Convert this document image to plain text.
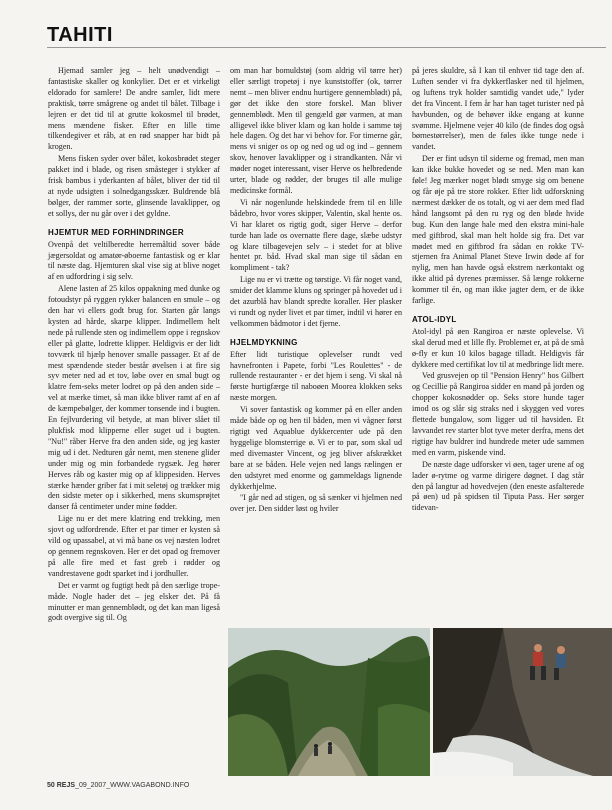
TAHITI

Hjemad samler jeg – helt unødvendigt – fantastiske skaller og konkylier. Det er et virkeligt eldorado for samlere! De andre samler, lidt mere praktisk, tørre smågrene og andet til bålet. Tilbage i lejren er det tid til at grutte kokosmel til brødet, mens mændene fisker. Efter en lille time tilkendegiver et råb, at en rød snapper har bidt på krogen.

Mens fisken syder over bålet, kokosbrødet steger pakket ind i blade, og risen småsteger i stykker af frisk bambus i yderkanten af bålet, bliver der tid til at nyde udsigten i solnedgangsskær. Buldrende blå bølger, der rammer sorte, glinsende lavaklipper, og et sollys, der nu går over i det gyldne.

HJEMTUR MED FORHINDRINGER

Ovenpå det veltilberedte herremåltid sover både jægersoldat og amatør-øboerne fantastisk og er klar til næste dag. Hjemturen skal vise sig at blive noget af en udfordring i sig selv.

Alene lasten af 25 kilos oppakning med dunke og fotoudstyr på ryggen rykker balancen en smule – og den har vi ellers godt brug for. Starten går langs kysten ad hårde, skarpe klipper. Indimellem helt nede på rullende sten og indimellem oppe i regnskov eller på glatte, lodrette klipper. Heldigvis er der lidt tovværk til hjælp henover smalle passager. Et af de mest spændende steder består øvelsen i at fire sig syv meter ned ad et tov, løbe over en smal bugt og klatre fem-seks meter lodret op på den anden side – vel at mærke timet, så man ikke bliver ramt af en af de kæmpebølger, der kommer tonsende ind i bugten. En fejlvurdering vil betyde, at man bliver slået til plukfisk mod klipperne eller suget ud i bugten. "Nu!" råber Herve fra den anden side, og jeg kaster mig ud i det. Nedturen går nemt, men stenene glider under mig og min forbandede rygsæk. Jeg hører Herves råb og kaster mig op af klippesiden. Herves stærke hænder griber fat i mit seletøj og trækker mig den sidste meter op i sikkerhed, mens skumsprøjtet danser få centimeter under mine fødder.

Lige nu er det mere klatring end trekking, men sjovt og udfordrende. Efter et par timer er kysten så vild og upassabel, at vi må bane os vej næsten lodret op gennem regnskoven. Her er det opad og fremover på alle fire med et fast greb i rødder og vandrestavene godt sparket ind i jordhuller.

Det er varmt og fugtigt hedt på den særlige trope-måde. Nogle hader det – jeg elsker det. På få minutter er man gennemblødt, og det kan man ligeså godt overgive sig til. Og

om man har bomuldstøj (som aldrig vil tørre her) eller særligt tropetøj i nye kunststoffer (ok, tørrer nemt – men bliver endnu hurtigere gennemblødt) på, gør det ikke den store forskel. Man bliver gennemblødt. Men til gengæld gør varmen, at man alligevel ikke bliver klam og kan holde i samme tøj hele dagen. Og det har vi behov for. For timerne går, mens vi sniger os op og ned og ud og ind – gennem skov, henover lavaklipper og i strandkanten. Når vi møder noget interessant, viser Herve os helbredende urter, blade og rødder, der bruges til alle mulige medicinske formål.

Vi når nogenlunde helskindede frem til en lille bådebro, hvor vores skipper, Valentin, skal hente os. Vi har klaret os rigtig godt, siger Herve – derfor turde han lade os overnatte flere dage, slæbe udstyr og klare tilbagevejen selv – i stedet for at blive hentet pr. båd. Hvad skal man sige til sådan en kompliment - tak?

Lige nu er vi trætte og tørstige. Vi får noget vand, smider det klamme kluns og springer på hovedet ud i det azurblå hav blandt spredte koraller. Her plasker vi rundt og nyder livet et par timer, indtil vi hører en velkommen bådmotor i det fjerne.

HJELMDYKNING

Efter lidt turistique oplevelser rundt ved havnefronten i Papete, forbi "Les Roulettes" - de rullende restauranter - er det hjem i seng. Vi skal nå første hurtigfærge til naboøen Moorea klokken seks næste morgen.

Vi sover fantastisk og kommer på en eller anden måde både op og hen til båden, men vi vågner først rigtigt ved Aquablue dykkercenter ude på den hyggelige blomsterrige ø. Vi er to par, som skal ud med divemaster Vincent, og jeg bliver afskrækket bare at se båden. Hele vejen ned langs rælingen er den udstyret med enorme og gammeldags lignende dykkerhjelme.

"I går ned ad stigen, og så sænker vi hjelmen ned over jer. Den sidder løst og hviler

på jeres skuldre, så I kan til enhver tid tage den af. Luften sender vi fra dykkerflasker ned til hjelmen, og luftens tryk holder samtidig vandet ude," lyder det fra Vincent. I fem år har han taget turister ned på havbunden, og de behøver ikke engang at kunne svømme. Hjelmene vejer 40 kilo (de findes dog også børnestørrelser), men de føles ikke tunge nede i vandet.

Der er fint udsyn til siderne og fremad, men man kan ikke bukke hovedet og se ned. Men man kan føle! Jeg mærker noget blødt smyge sig om benene og får øje på tre store rokker. Efter lidt udforskning nærmest dækker de os totalt, og vi aer dem med flad hånd langsomt på den ru ryg og den bløde hvide bug. Kun den lange hale med den ekstra mini-hale med giftbrod, skal man helt holde sig fra. Det var mødet med en giftbrod fra sådan en rokke TV-stjernen fra Animal Planet Steve Irwin døde af for nylig, men han havde også ekstrem nærkontakt og ikke altid på dyrenes præmisser. Så længe rokkerne kommer til én, og man ikke jagter dem, er de ikke farlige.

ATOL-IDYL

Atol-idyl på øen Rangiroa er næste oplevelse. Vi skal derud med et lille fly. Problemet er, at på de små ø-fly er kun 10 kilos bagage tilladt. Heldigvis får dykkere med certifikat lov til at medbringe lidt mere.

Ved grusvejen op til "Pension Henry" hos Gilbert og Cecillie på Rangiroa sidder en mand på jorden og chopper kokosnødder op. Seks store hunde tager imod os og slår sig straks ned i skyggen ved vores flettede bungalow, som ligger ud til havsiden. Et lavvandet rev starter blot tyve meter derfra, mens det rigtige hav buldrer ind hundrede meter ude sammen med en varm, piskende vind.

De næste dage udforsker vi øen, tager urene af og lader ø-rytme og varme dirigere døgnet. I dag står den på langtur ad hovedvejen (den eneste asfalterede på øen) ud på spidsen til Tiputa Pass. Her sørger tidevan-

50 REJS_09_2007_WWW.VAGABOND.INFO
